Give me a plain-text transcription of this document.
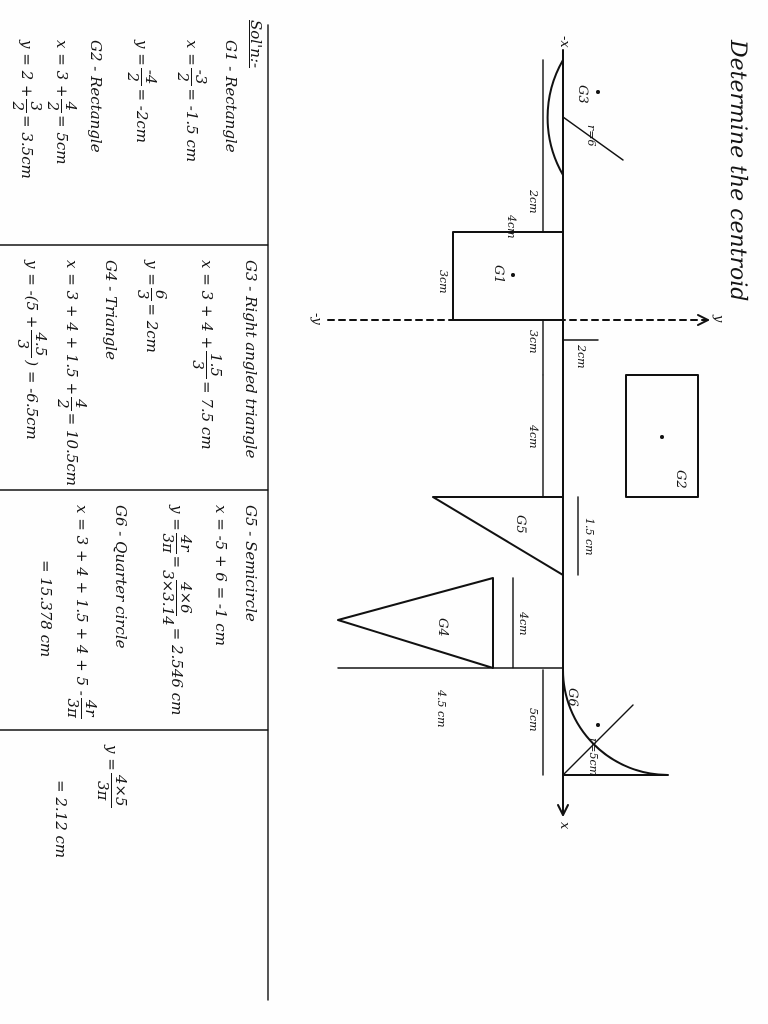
Determine the centroid
x
y
-x
-y
G3
G1
G2
G5
G4
G6
r=6
2cm
4cm
3cm
3cm
2cm
4cm
1.5 cm
4cm
4.5 cm	5cm
r=5cm
Sol'n:-
G1 - Rectangle
x =
-3
2
= -1.5 cm
y =
-4
2
= -2cm
G2 - Rectangle
x = 3 +
4
2
= 5cm
y = 2 +
3
2
= 3.5cm
G3 - Right angled triangle
x = 3 + 4 +
1.5
3
= 7.5 cm
y =
6
3
= 2cm
G4 - Triangle
x = 3 + 4 + 1.5 +
4
2
= 10.5cm
y = -(5 +
4.5
3
) = -6.5cm
G5 - Semicircle
x = -5 + 6 = -1 cm
y =
4r
3π
=
4×6
3×3.14
= 2.546 cm
G6 - Quarter circle
x = 3 + 4 + 1.5 + 4 + 5 -
4r
3π
= 15.378 cm
y =
4×5
3π
= 2.12 cm
